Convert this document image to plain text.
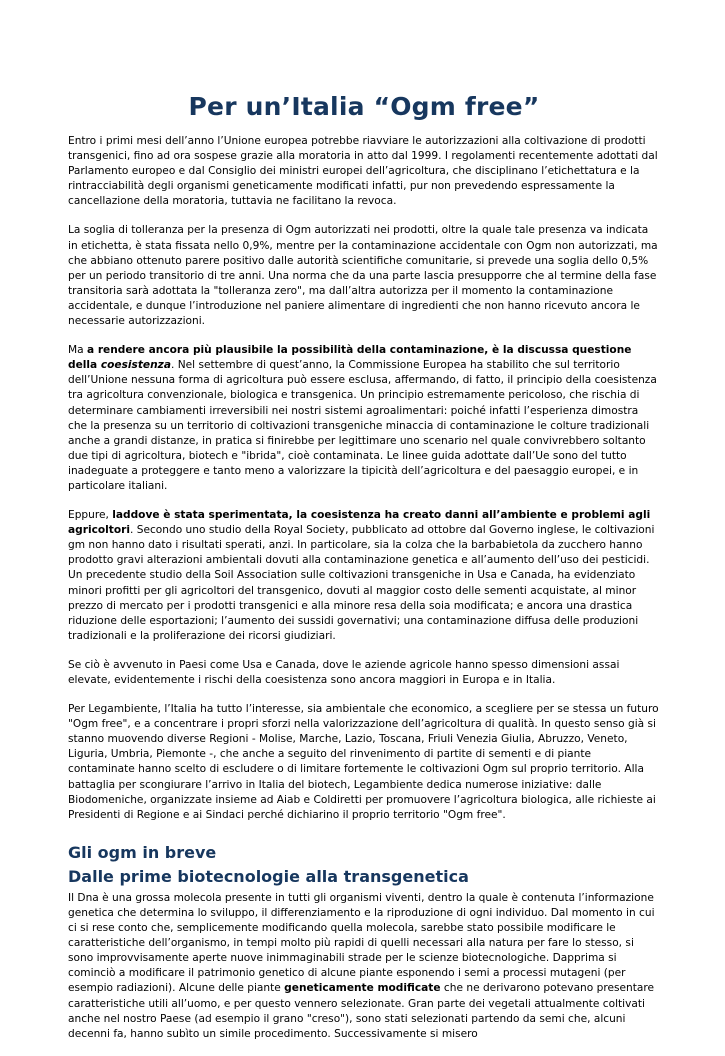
Per un’Italia “Ogm free”

Entro i primi mesi dell’anno l’Unione europea potrebbe riavviare le autorizzazioni alla coltivazione di prodotti transgenici, fino ad ora sospese grazie alla moratoria in atto dal 1999. I regolamenti recentemente adottati dal Parlamento europeo e dal Consiglio dei ministri europei dell’agricoltura, che disciplinano l’etichettatura e la rintracciabilità degli organismi geneticamente modificati infatti, pur non prevedendo espressamente la cancellazione della moratoria, tuttavia ne facilitano la revoca.

La soglia di tolleranza per la presenza di Ogm autorizzati nei prodotti, oltre la quale tale presenza va indicata in etichetta, è stata fissata nello 0,9%, mentre per la contaminazione accidentale con Ogm non autorizzati, ma che abbiano ottenuto parere positivo dalle autorità scientifiche comunitarie, si prevede una soglia dello 0,5% per un periodo transitorio di tre anni. Una norma che da una parte lascia presupporre che al termine della fase transitoria sarà adottata la "tolleranza zero", ma dall’altra autorizza per il momento la contaminazione accidentale, e dunque l’introduzione nel paniere alimentare di ingredienti che non hanno ricevuto ancora le necessarie autorizzazioni.

Ma a rendere ancora più plausibile la possibilità della contaminazione, è la discussa questione della coesistenza. Nel settembre di quest’anno, la Commissione Europea ha stabilito che sul territorio dell’Unione nessuna forma di agricoltura può essere esclusa, affermando, di fatto, il principio della coesistenza tra agricoltura convenzionale, biologica e transgenica. Un principio estremamente pericoloso, che rischia di determinare cambiamenti irreversibili nei nostri sistemi agroalimentari: poiché infatti l’esperienza dimostra che la presenza su un territorio di coltivazioni transgeniche minaccia di contaminazione le colture tradizionali anche a grandi distanze, in pratica si finirebbe per legittimare uno scenario nel quale convivrebbero soltanto due tipi di agricoltura, biotech e "ibrida", cioè contaminata. Le linee guida adottate dall’Ue sono del tutto inadeguate a proteggere e tanto meno a valorizzare la tipicità dell’agricoltura e del paesaggio europei, e in particolare italiani.

Eppure, laddove è stata sperimentata, la coesistenza ha creato danni all’ambiente e problemi agli agricoltori. Secondo uno studio della Royal Society, pubblicato ad ottobre dal Governo inglese, le coltivazioni gm non hanno dato i risultati sperati, anzi. In particolare, sia la colza che la barbabietola da zucchero hanno prodotto gravi alterazioni ambientali dovuti alla contaminazione genetica e all’aumento dell’uso dei pesticidi. Un precedente studio della Soil Association sulle coltivazioni transgeniche in Usa e Canada, ha evidenziato minori profitti per gli agricoltori del transgenico, dovuti al maggior costo delle sementi acquistate, al minor prezzo di mercato per i prodotti transgenici e alla minore resa della soia modificata; e ancora una drastica riduzione delle esportazioni; l’aumento dei sussidi governativi; una contaminazione diffusa delle produzioni tradizionali e la proliferazione dei ricorsi giudiziari.

Se ciò è avvenuto in Paesi come Usa e Canada, dove le aziende agricole hanno spesso dimensioni assai elevate, evidentemente i rischi della coesistenza sono ancora maggiori in Europa e in Italia.

Per Legambiente, l’Italia ha tutto l’interesse, sia ambientale che economico, a scegliere per se stessa un futuro "Ogm free", e a concentrare i propri sforzi nella valorizzazione dell’agricoltura di qualità. In questo senso già si stanno muovendo diverse Regioni - Molise, Marche, Lazio, Toscana, Friuli Venezia Giulia, Abruzzo, Veneto, Liguria, Umbria, Piemonte -, che anche a seguito del rinvenimento di partite di sementi e di piante contaminate hanno scelto di escludere o di limitare fortemente le coltivazioni Ogm sul proprio territorio. Alla battaglia per scongiurare l’arrivo in Italia del biotech, Legambiente dedica numerose iniziative: dalle Biodomeniche, organizzate insieme ad Aiab e Coldiretti per promuovere l’agricoltura biologica, alle richieste ai Presidenti di Regione e ai Sindaci perché dichiarino il proprio territorio "Ogm free".

Gli ogm in breve
Dalle prime biotecnologie alla transgenetica

Il Dna è una grossa molecola presente in tutti gli organismi viventi, dentro la quale è contenuta l’informazione genetica che determina lo sviluppo, il differenziamento e la riproduzione di ogni individuo. Dal momento in cui ci si rese conto che, semplicemente modificando quella molecola, sarebbe stato possibile modificare le caratteristiche dell’organismo, in tempi molto più rapidi di quelli necessari alla natura per fare lo stesso, si sono improvvisamente aperte nuove inimmaginabili strade per le scienze biotecnologiche. Dapprima si cominciò a modificare il patrimonio genetico di alcune piante esponendo i semi a processi mutageni (per esempio radiazioni). Alcune delle piante geneticamente modificate che ne derivarono potevano presentare caratteristiche utili all’uomo, e per questo vennero selezionate. Gran parte dei vegetali attualmente coltivati anche nel nostro Paese (ad esempio il grano "creso"), sono stati selezionati partendo da semi che, alcuni decenni fa, hanno subìto un simile procedimento. Successivamente si misero
